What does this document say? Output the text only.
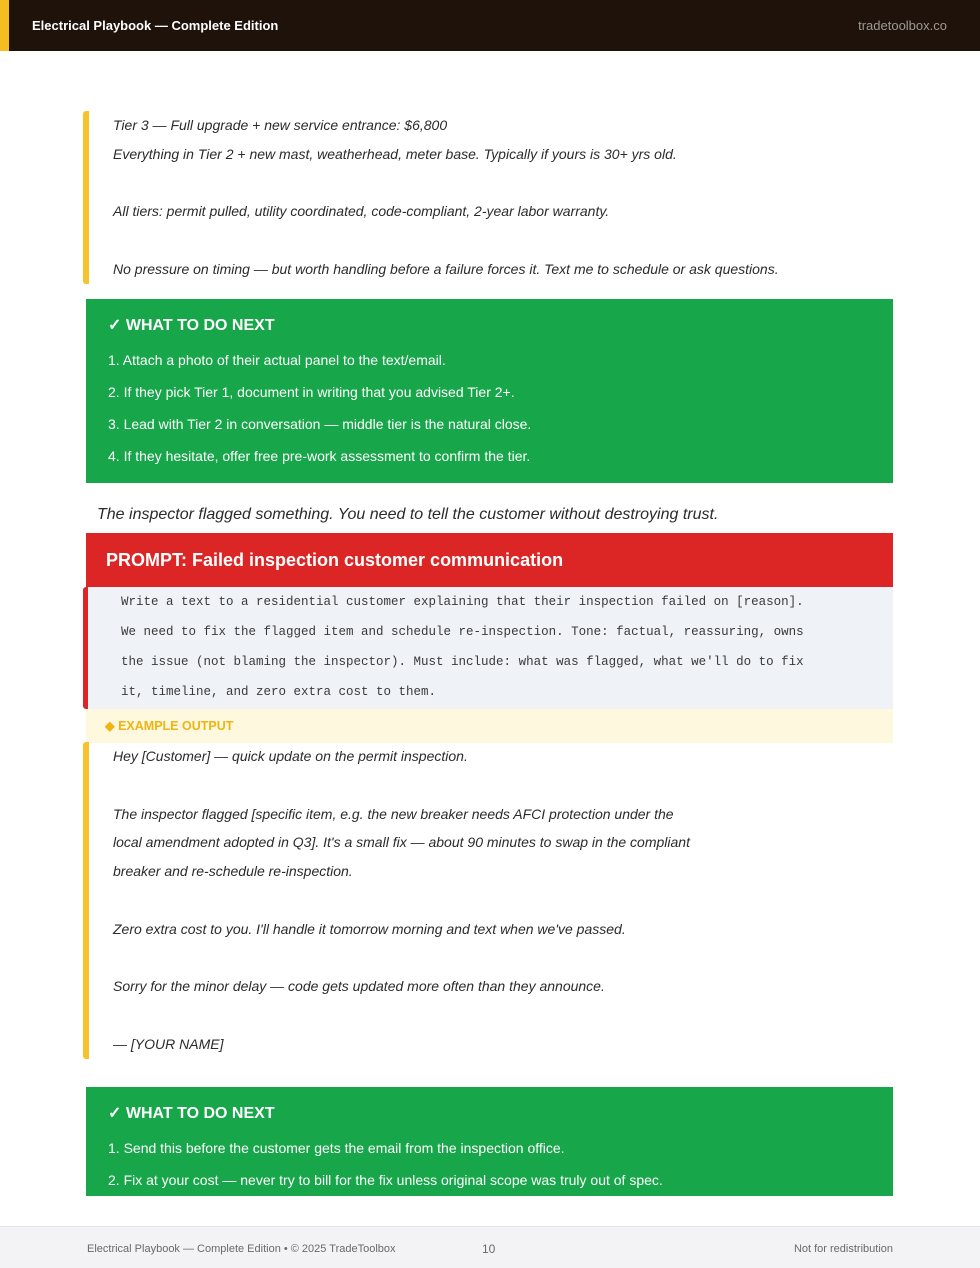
Electrical Playbook — Complete Edition	tradetoolbox.co

Tier 3 — Full upgrade + new service entrance: $6,800

Everything in Tier 2 + new mast, weatherhead, meter base. Typically if yours is 30+ yrs old.

All tiers: permit pulled, utility coordinated, code-compliant, 2-year labor warranty.

No pressure on timing — but worth handling before a failure forces it. Text me to schedule or ask questions.

✓ WHAT TO DO NEXT
1. Attach a photo of their actual panel to the text/email.
2. If they pick Tier 1, document in writing that you advised Tier 2+.
3. Lead with Tier 2 in conversation — middle tier is the natural close.
4. If they hesitate, offer free pre-work assessment to confirm the tier.
The inspector flagged something. You need to tell the customer without destroying trust.
PROMPT: Failed inspection customer communication

Write a text to a residential customer explaining that their inspection failed on [reason].

We need to fix the flagged item and schedule re-inspection. Tone: factual, reassuring, owns

the issue (not blaming the inspector). Must include: what was flagged, what we'll do to fix

it, timeline, and zero extra cost to them.

◆ EXAMPLE OUTPUT

Hey [Customer] — quick update on the permit inspection.

The inspector flagged [specific item, e.g. the new breaker needs AFCI protection under the

local amendment adopted in Q3]. It's a small fix — about 90 minutes to swap in the compliant

breaker and re-schedule re-inspection.

Zero extra cost to you. I'll handle it tomorrow morning and text when we've passed.

Sorry for the minor delay — code gets updated more often than they announce.

— [YOUR NAME]

✓ WHAT TO DO NEXT
1. Send this before the customer gets the email from the inspection office.
2. Fix at your cost — never try to bill for the fix unless original scope was truly out of spec.
Electrical Playbook — Complete Edition • © 2025 TradeToolbox	10	Not for redistribution
